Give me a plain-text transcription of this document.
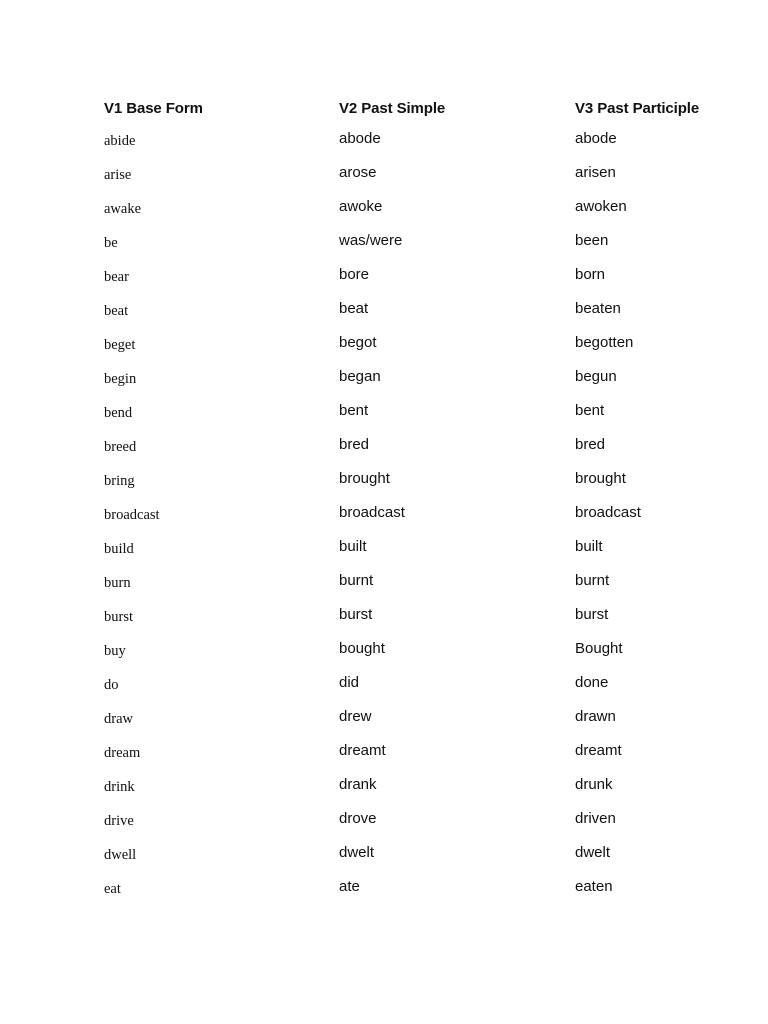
V1 Base Form	V2 Past Simple	V3 Past Participle
abide	abode	abode
arise	arose	arisen
awake	awoke	awoken
be	was/were	been
bear	bore	born
beat	beat	beaten
beget	begot	begotten
begin	began	begun
bend	bent	bent
breed	bred	bred
bring	brought	brought
broadcast	broadcast	broadcast
build	built	built
burn	burnt	burnt
burst	burst	burst
buy	bought	Bought
do	did	done
draw	drew	drawn
dream	dreamt	dreamt
drink	drank	drunk
drive	drove	driven
dwell	dwelt	dwelt
eat	ate	eaten
